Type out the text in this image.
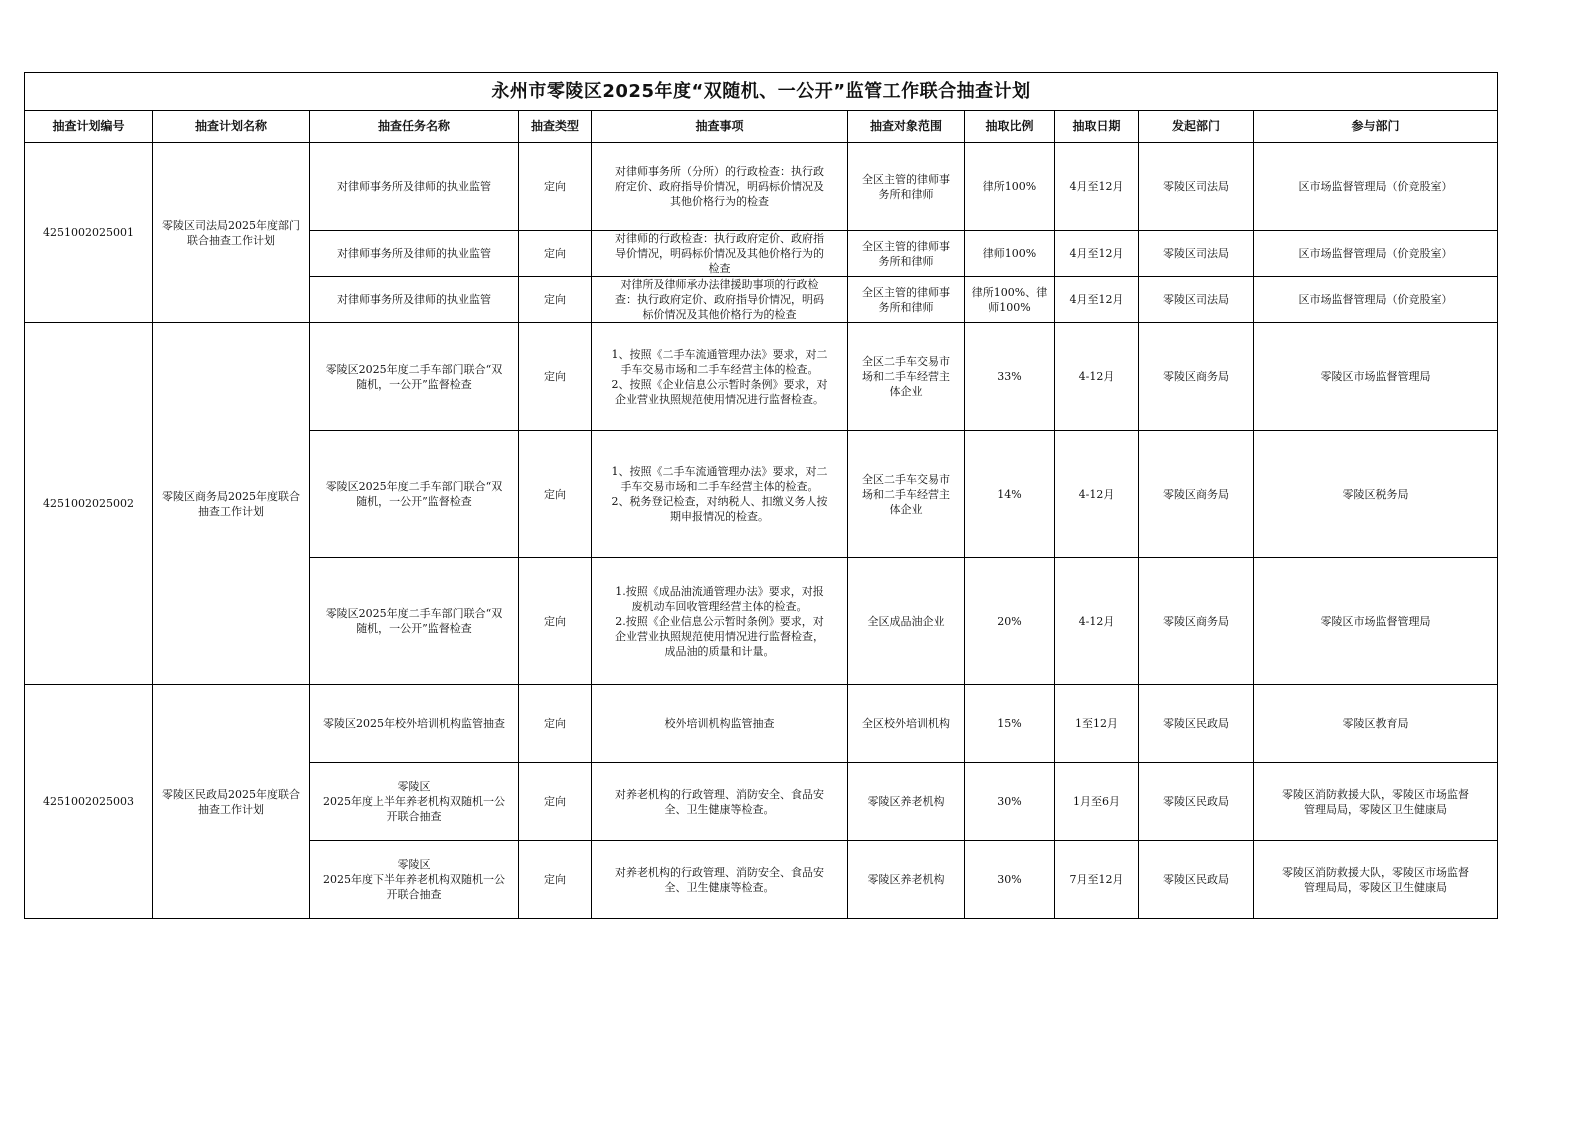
永州市零陵区2025年度“双随机、一公开”监管工作联合抽查计划									
抽查计划编号	抽查计划名称	抽查任务名称	抽查类型	抽查事项	抽查对象范围	抽取比例	抽取日期	发起部门	参与部门
4251002025001	零陵区司法局2025年度部门
联合抽查工作计划	对律师事务所及律师的执业监管	定向	对律师事务所（分所）的行政检查：执行政
府定价、政府指导价情况，明码标价情况及
其他价格行为的检查	全区主管的律师事
务所和律师	律所100%	4月至12月	零陵区司法局	区市场监督管理局（价竞股室）
		对律师事务所及律师的执业监管	定向	对律师的行政检查：执行政府定价、政府指
导价情况，明码标价情况及其他价格行为的
检查	全区主管的律师事
务所和律师	律师100%	4月至12月	零陵区司法局	区市场监督管理局（价竞股室）
		对律师事务所及律师的执业监管	定向	对律所及律师承办法律援助事项的行政检
查：执行政府定价、政府指导价情况，明码
标价情况及其他价格行为的检查	全区主管的律师事
务所和律师	律所100%、律
师100%	4月至12月	零陵区司法局	区市场监督管理局（价竞股室）
4251002025002	零陵区商务局2025年度联合
抽查工作计划	零陵区2025年度二手车部门联合“双
随机，一公开”监督检查	定向	1、按照《二手车流通管理办法》要求，对二
手车交易市场和二手车经营主体的检查。
2、按照《企业信息公示暂时条例》要求，对
企业营业执照规范使用情况进行监督检查。	全区二手车交易市
场和二手车经营主
体企业	33%	4-12月	零陵区商务局	零陵区市场监督管理局
		零陵区2025年度二手车部门联合“双
随机，一公开”监督检查	定向	1、按照《二手车流通管理办法》要求，对二
手车交易市场和二手车经营主体的检查。
2、税务登记检查，对纳税人、扣缴义务人按
期申报情况的检查。	全区二手车交易市
场和二手车经营主
体企业	14%	4-12月	零陵区商务局	零陵区税务局
		零陵区2025年度二手车部门联合“双
随机，一公开”监督检查	定向	1.按照《成品油流通管理办法》要求，对报
废机动车回收管理经营主体的检查。
2.按照《企业信息公示暂时条例》要求，对
企业营业执照规范使用情况进行监督检查，
成品油的质量和计量。	全区成品油企业	20%	4-12月	零陵区商务局	零陵区市场监督管理局
4251002025003	零陵区民政局2025年度联合
抽查工作计划	零陵区2025年校外培训机构监管抽查	定向	校外培训机构监管抽查	全区校外培训机构	15%	1至12月	零陵区民政局	零陵区教育局
		零陵区
2025年度上半年养老机构双随机一公
开联合抽查	定向	对养老机构的行政管理、消防安全、食品安
全、卫生健康等检查。	零陵区养老机构	30%	1月至6月	零陵区民政局	零陵区消防救援大队，零陵区市场监督
管理局局，零陵区卫生健康局
		零陵区
2025年度下半年养老机构双随机一公
开联合抽查	定向	对养老机构的行政管理、消防安全、食品安
全、卫生健康等检查。	零陵区养老机构	30%	7月至12月	零陵区民政局	零陵区消防救援大队，零陵区市场监督
管理局局，零陵区卫生健康局
